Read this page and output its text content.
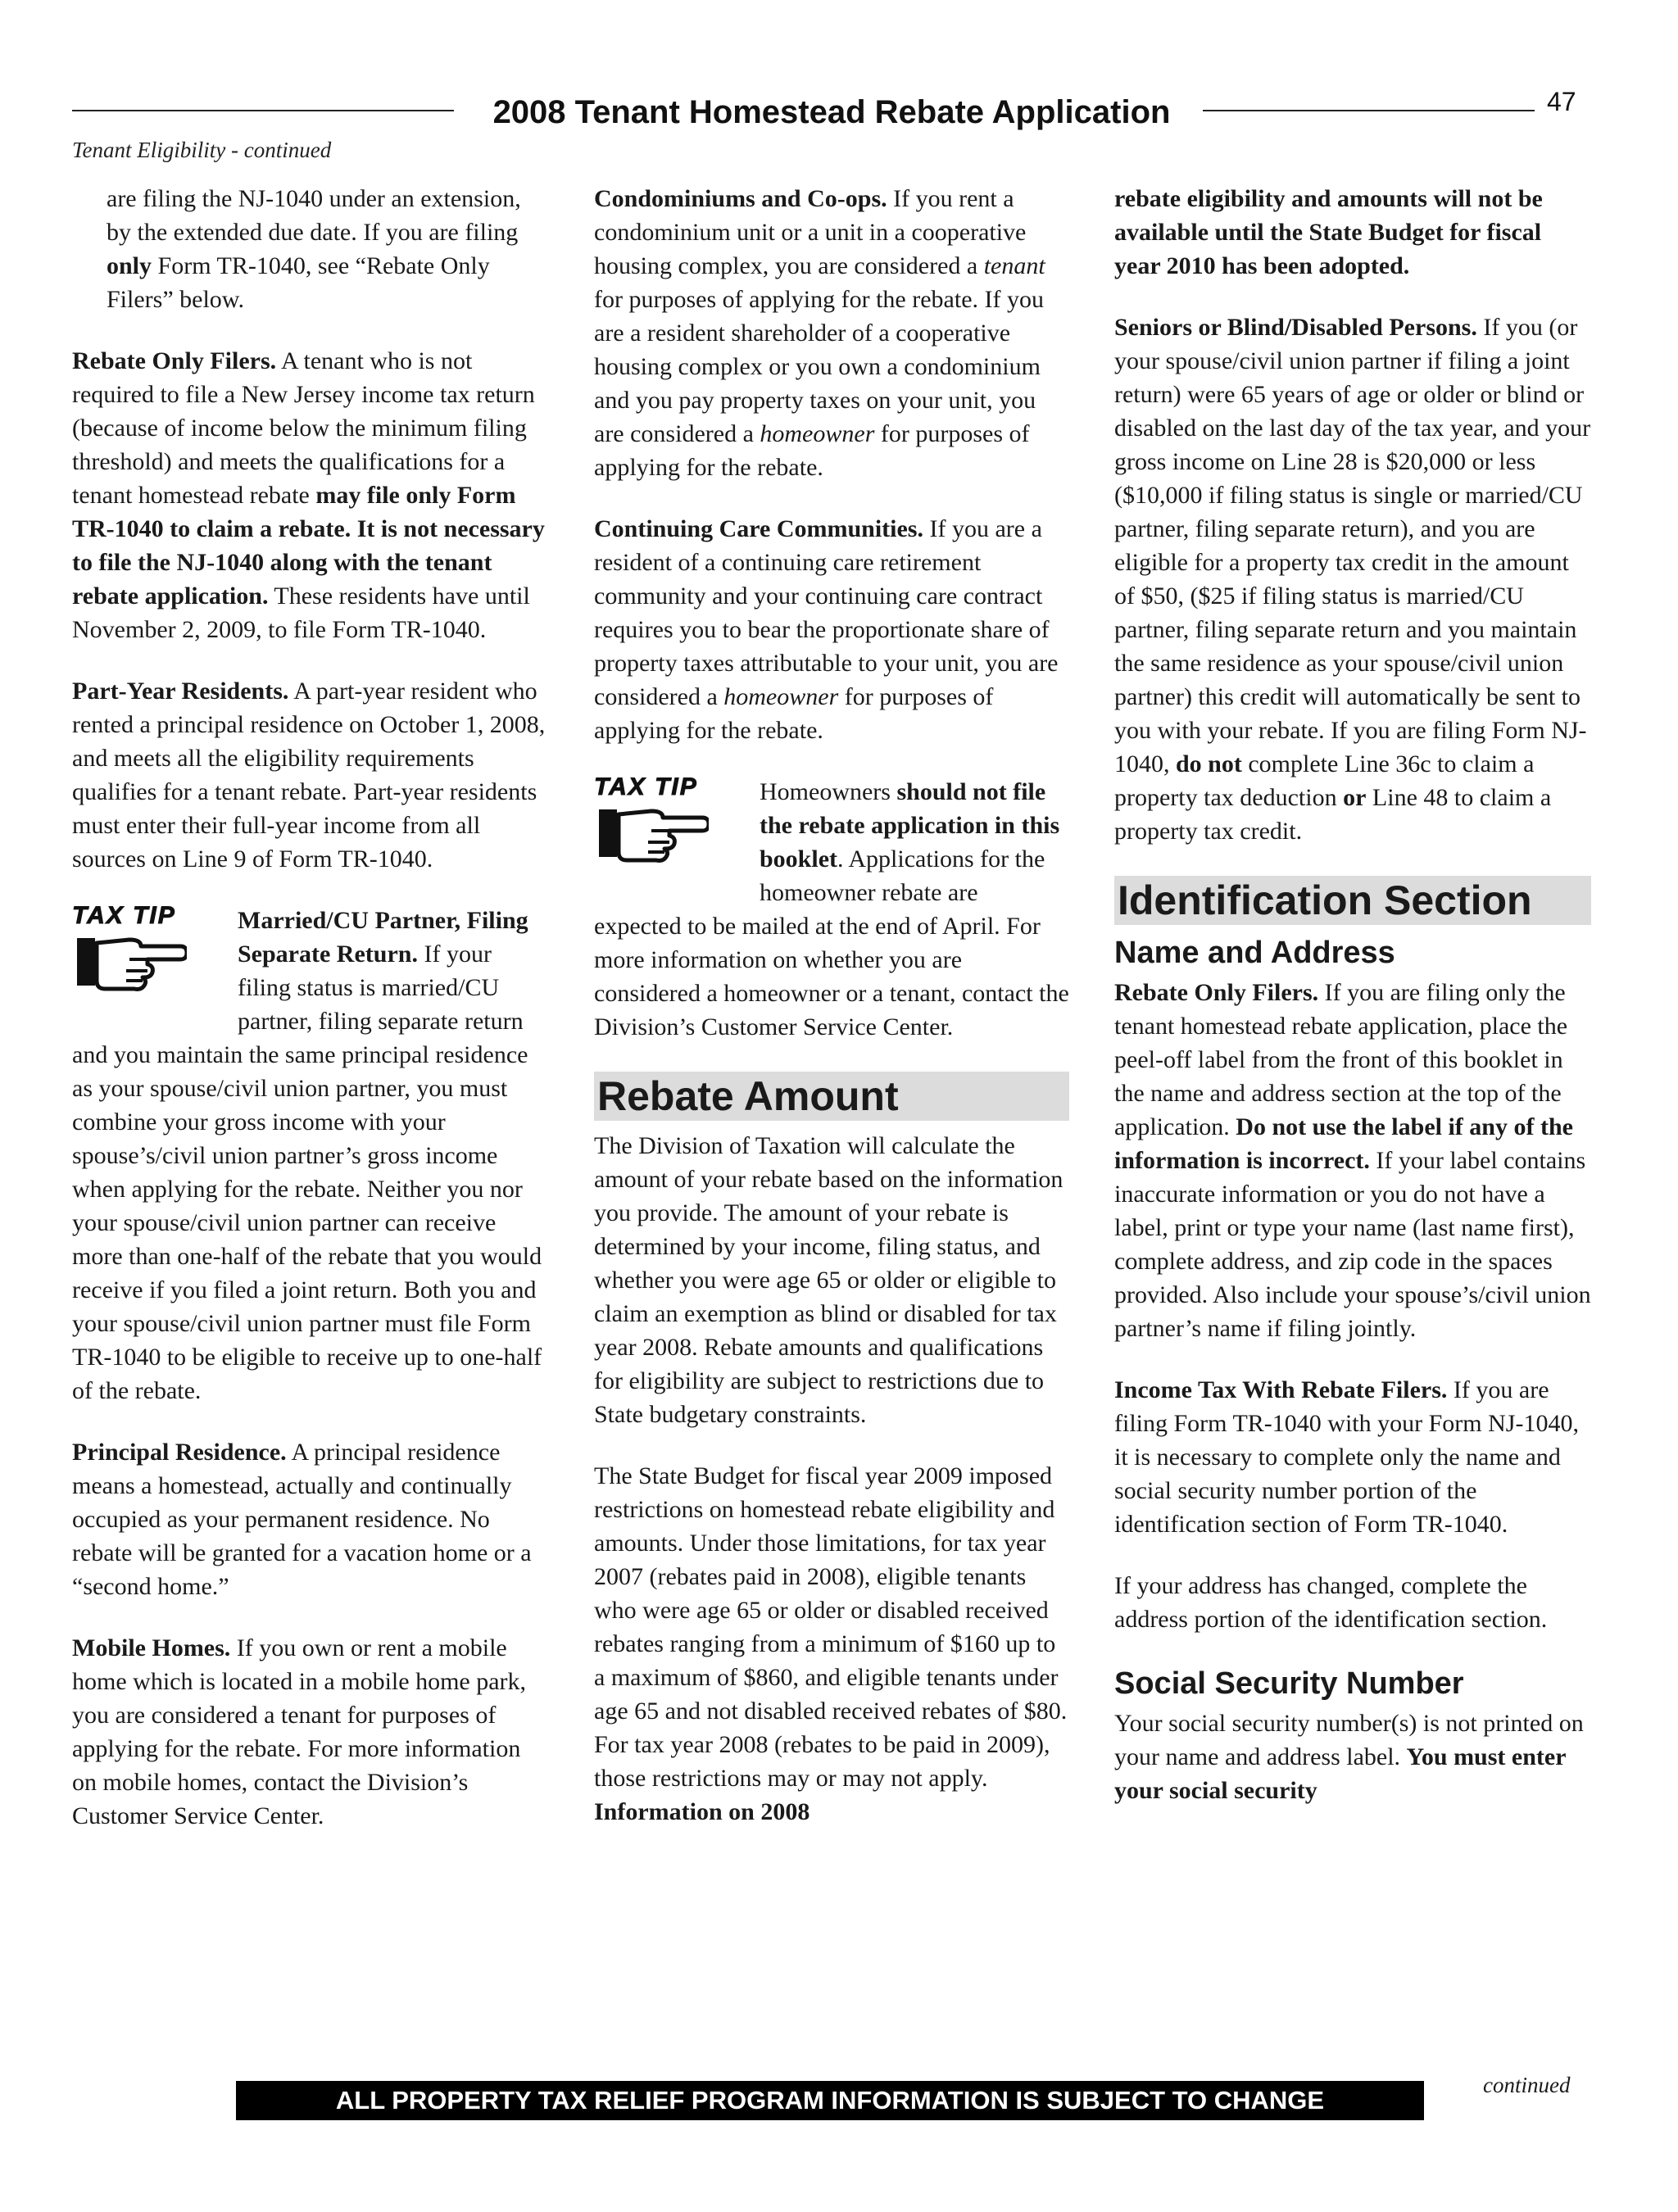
2008 Tenant Homestead Rebate Application	47
Tenant Eligibility - continued

are filing the NJ-1040 under an extension, by the extended due date. If you are filing only Form TR-1040, see “Rebate Only Filers” below.

Rebate Only Filers. A tenant who is not required to file a New Jersey income tax return (because of income below the minimum filing threshold) and meets the qualifications for a tenant homestead rebate may file only Form TR-1040 to claim a rebate. It is not necessary to file the NJ-1040 along with the tenant rebate application. These residents have until November 2, 2009, to file Form TR-1040.

Part-Year Residents. A part-year resident who rented a principal residence on October 1, 2008, and meets all the eligibility requirements qualifies for a tenant rebate. Part-year residents must enter their full-year income from all sources on Line 9 of Form TR-1040.

TAX TIP	Married/CU Partner, Filing Separate Return. If your filing status is married/CU partner, filing separate return and you maintain the same principal residence as your spouse/civil union partner, you must combine your gross income with your spouse’s/civil union partner’s gross income when applying for the rebate. Neither you nor your spouse/civil union partner can receive more than one-half of the rebate that you would receive if you filed a joint return. Both you and your spouse/civil union partner must file Form TR-1040 to be eligible to receive up to one-half of the rebate.

Principal Residence. A principal residence means a homestead, actually and continually occupied as your permanent residence. No rebate will be granted for a vacation home or a “second home.”

Mobile Homes. If you own or rent a mobile home which is located in a mobile home park, you are considered a tenant for purposes of applying for the rebate. For more information on mobile homes, contact the Division’s Customer Service Center.

Condominiums and Co-ops. If you rent a condominium unit or a unit in a cooperative housing complex, you are considered a tenant for purposes of applying for the rebate. If you are a resident shareholder of a cooperative housing complex or you own a condominium and you pay property taxes on your unit, you are considered a homeowner for purposes of applying for the rebate.

Continuing Care Communities. If you are a resident of a continuing care retirement community and your continuing care contract requires you to bear the proportionate share of property taxes attributable to your unit, you are considered a homeowner for purposes of applying for the rebate.

TAX TIP	Homeowners should not file the rebate application in this booklet. Applications for the homeowner rebate are expected to be mailed at the end of April. For more information on whether you are considered a homeowner or a tenant, contact the Division’s Customer Service Center.

Rebate Amount

The Division of Taxation will calculate the amount of your rebate based on the information you provide. The amount of your rebate is determined by your income, filing status, and whether you were age 65 or older or eligible to claim an exemption as blind or disabled for tax year 2008. Rebate amounts and qualifications for eligibility are subject to restrictions due to State budgetary constraints.

The State Budget for fiscal year 2009 imposed restrictions on homestead rebate eligibility and amounts. Under those limitations, for tax year 2007 (rebates paid in 2008), eligible tenants who were age 65 or older or disabled received rebates ranging from a minimum of $160 up to a maximum of $860, and eligible tenants under age 65 and not disabled received rebates of $80. For tax year 2008 (rebates to be paid in 2009), those restrictions may or may not apply. Information on 2008

rebate eligibility and amounts will not be available until the State Budget for fiscal year 2010 has been adopted.

Seniors or Blind/Disabled Persons. If you (or your spouse/civil union partner if filing a joint return) were 65 years of age or older or blind or disabled on the last day of the tax year, and your gross income on Line 28 is $20,000 or less ($10,000 if filing status is single or married/CU partner, filing separate return), and you are eligible for a property tax credit in the amount of $50, ($25 if filing status is married/CU partner, filing separate return and you maintain the same residence as your spouse/civil union partner) this credit will automatically be sent to you with your rebate. If you are filing Form NJ-1040, do not complete Line 36c to claim a property tax deduction or Line 48 to claim a property tax credit.

Identification Section
Name and Address

Rebate Only Filers. If you are filing only the tenant homestead rebate application, place the peel-off label from the front of this booklet in the name and address section at the top of the application. Do not use the label if any of the information is incorrect. If your label contains inaccurate information or you do not have a label, print or type your name (last name first), complete address, and zip code in the spaces provided. Also include your spouse’s/civil union partner’s name if filing jointly.

Income Tax With Rebate Filers. If you are filing Form TR-1040 with your Form NJ-1040, it is necessary to complete only the name and social security number portion of the identification section of Form TR-1040.

If your address has changed, complete the address portion of the identification section.

Social Security Number

Your social security number(s) is not printed on your name and address label. You must enter your social security

ALL PROPERTY TAX RELIEF PROGRAM INFORMATION IS SUBJECT TO CHANGE
continued
